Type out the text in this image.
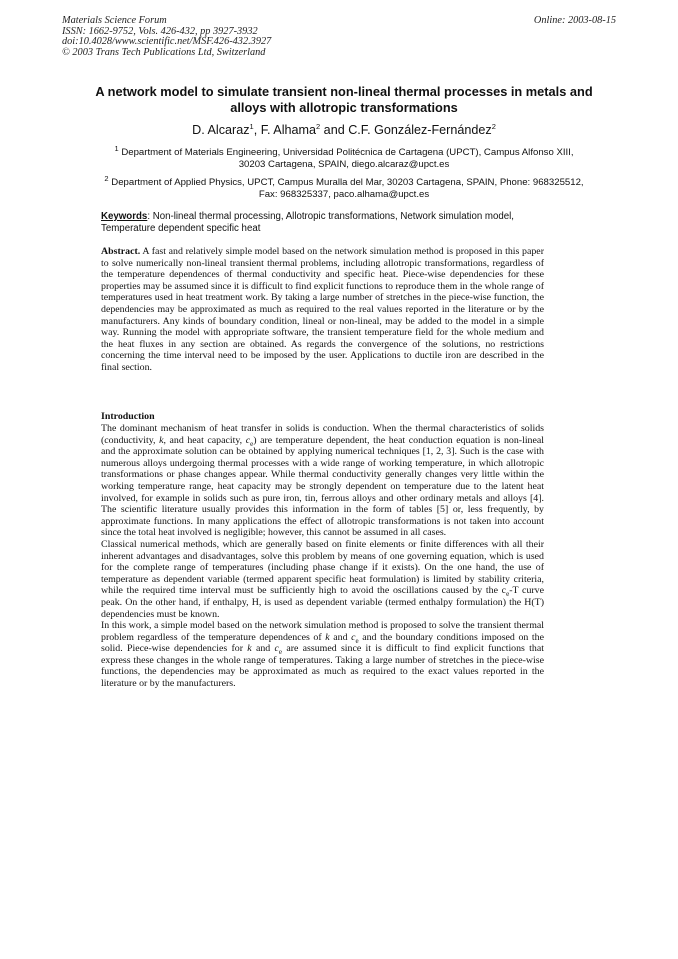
Materials Science Forum
ISSN: 1662-9752, Vols. 426-432, pp 3927-3932
doi:10.4028/www.scientific.net/MSF.426-432.3927
© 2003 Trans Tech Publications Ltd, Switzerland
Online: 2003-08-15
A network model to simulate transient non-lineal thermal processes in metals and alloys with allotropic transformations
D. Alcaraz$^1$, F. Alhama$^2$ and C.F. González-Fernández$^2$
$^1$ Department of Materials Engineering, Universidad Politécnica de Cartagena (UPCT), Campus Alfonso XIII, 30203 Cartagena, SPAIN, diego.alcaraz@upct.es
$^2$ Department of Applied Physics, UPCT, Campus Muralla del Mar, 30203 Cartagena, SPAIN, Phone: 968325512, Fax: 968325337, paco.alhama@upct.es
Keywords: Non-lineal thermal processing, Allotropic transformations, Network simulation model, Temperature dependent specific heat
Abstract. A fast and relatively simple model based on the network simulation method is proposed in this paper to solve numerically non-lineal transient thermal problems, including allotropic transformations, regardless of the temperature dependences of thermal conductivity and specific heat. Piece-wise dependencies for these properties may be assumed since it is difficult to find explicit functions to reproduce them in the whole range of temperatures used in heat treatment work. By taking a large number of stretches in the piece-wise function, the dependencies may be approximated as much as required to the real values reported in the literature or by the manufacturers. Any kinds of boundary condition, lineal or non-lineal, may be added to the model in a simple way. Running the model with appropriate software, the transient temperature field for the whole medium and the heat fluxes in any section are obtained. As regards the convergence of the solutions, no restrictions concerning the time interval need to be imposed by the user. Applications to ductile iron are described in the final section.
Introduction

The dominant mechanism of heat transfer in solids is conduction. When the thermal characteristics of solids (conductivity, k, and heat capacity, $c_e$) are temperature dependent, the heat conduction equation is non-lineal and the approximate solution can be obtained by applying numerical techniques [1, 2, 3]. Such is the case with numerous alloys undergoing thermal processes with a wide range of working temperature, in which allotropic transformations or phase changes appear. While thermal conductivity generally changes very little within the working temperature range, heat capacity may be strongly dependent on temperature due to the latent heat involved, for example in solids such as pure iron, tin, ferrous alloys and other ordinary metals and alloys [4]. The scientific literature usually provides this information in the form of tables [5] or, less frequently, by approximate functions. In many applications the effect of allotropic transformations is not taken into account since the total heat involved is negligible; however, this cannot be assumed in all cases.

Classical numerical methods, which are generally based on finite elements or finite differences with all their inherent advantages and disadvantages, solve this problem by means of one governing equation, which is used for the complete range of temperatures (including phase change if it exists). On the one hand, the use of temperature as dependent variable (termed apparent specific heat formulation) is limited by stability criteria, while the required time interval must be sufficiently high to avoid the oscillations caused by the $c_e-T$ curve peak. On the other hand, if enthalpy, H, is used as dependent variable (termed enthalpy formulation) the H(T) dependencies must be known.

In this work, a simple model based on the network simulation method is proposed to solve the transient thermal problem regardless of the temperature dependences of k and $c_e$ and the boundary conditions imposed on the solid. Piece-wise dependencies for k and $c_e$ are assumed since it is difficult to find explicit functions that express these changes in the whole range of temperatures. Taking a large number of stretches in the piece-wise functions, the dependencies may be approximated as much as required to the exact values reported in the literature or by the manufacturers.
